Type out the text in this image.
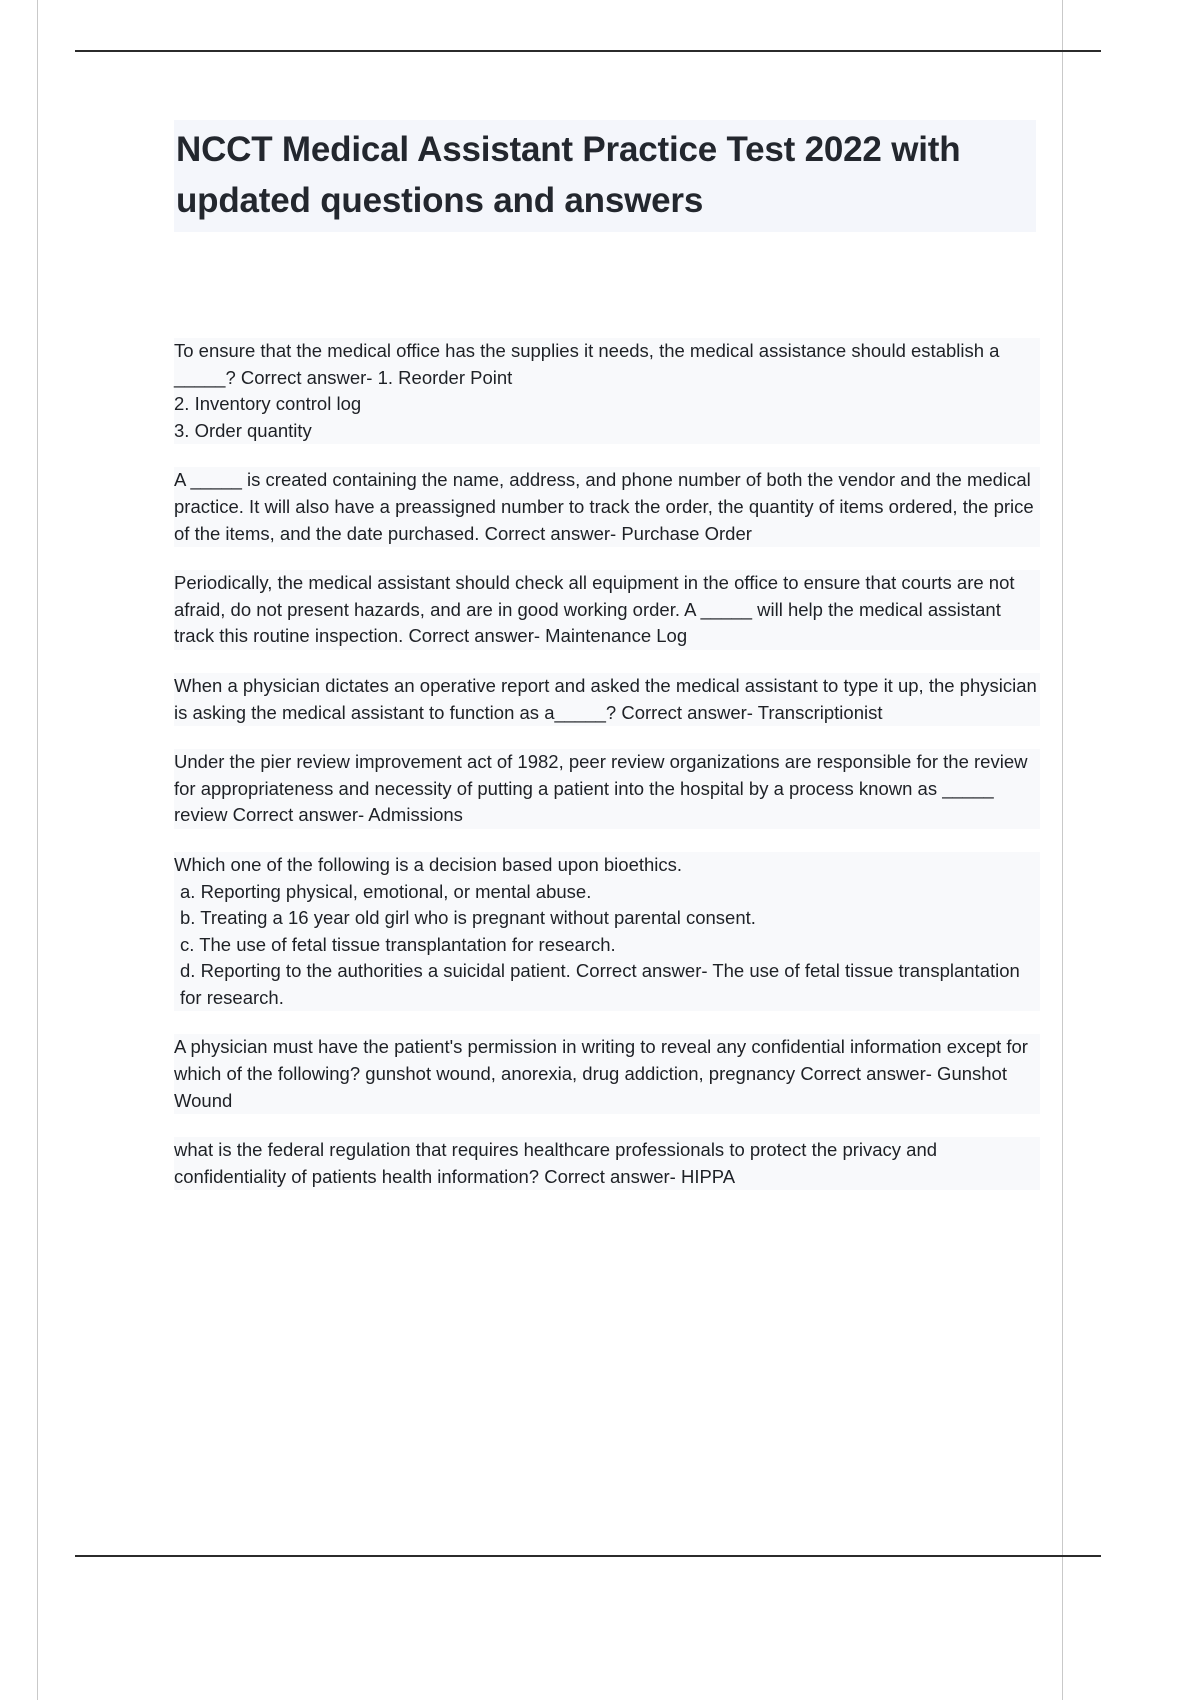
NCCT Medical Assistant Practice Test 2022 with updated questions and answers

To ensure that the medical office has the supplies it needs, the medical assistance should establish a _____? Correct answer- 1. Reorder Point

2. Inventory control log

3. Order quantity

A _____ is created containing the name, address, and phone number of both the vendor and the medical practice. It will also have a preassigned number to track the order, the quantity of items ordered, the price of the items, and the date purchased. Correct answer- Purchase Order

Periodically, the medical assistant should check all equipment in the office to ensure that courts are not afraid, do not present hazards, and are in good working order. A _____ will help the medical assistant track this routine inspection. Correct answer- Maintenance Log

When a physician dictates an operative report and asked the medical assistant to type it up, the physician is asking the medical assistant to function as a_____? Correct answer- Transcriptionist

Under the pier review improvement act of 1982, peer review organizations are responsible for the review for appropriateness and necessity of putting a patient into the hospital by a process known as _____ review Correct answer- Admissions

Which one of the following is a decision based upon bioethics.

a. Reporting physical, emotional, or mental abuse.

b. Treating a 16 year old girl who is pregnant without parental consent.

c. The use of fetal tissue transplantation for research.

d. Reporting to the authorities a suicidal patient. Correct answer- The use of fetal tissue transplantation for research.

A physician must have the patient's permission in writing to reveal any confidential information except for which of the following? gunshot wound, anorexia, drug addiction, pregnancy Correct answer- Gunshot Wound

what is the federal regulation that requires healthcare professionals to protect the privacy and confidentiality of patients health information? Correct answer- HIPPA
